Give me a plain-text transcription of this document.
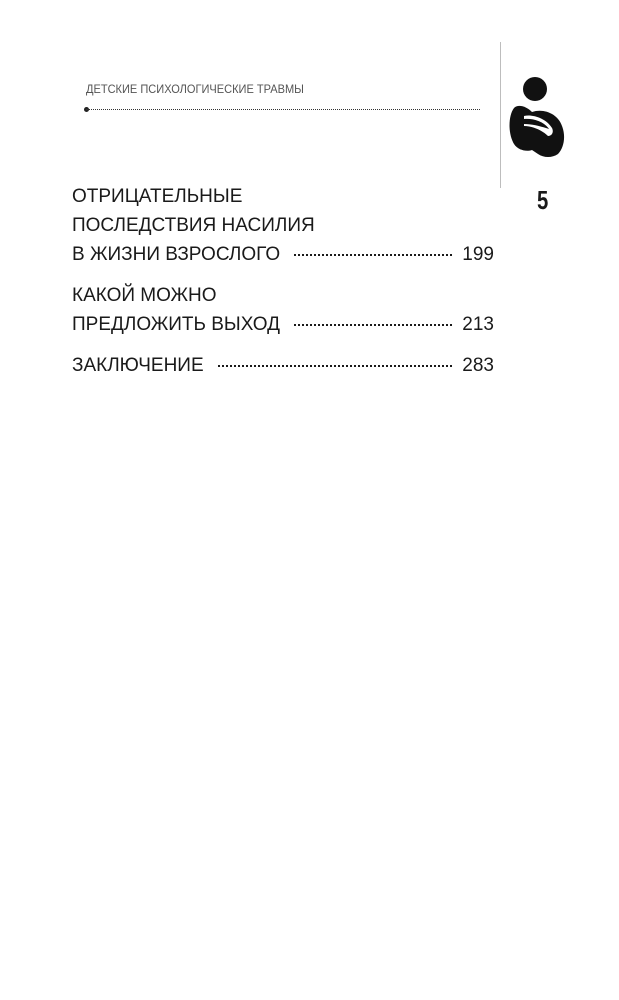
ДЕТСКИЕ ПСИХОЛОГИЧЕСКИЕ ТРАВМЫ
5
ОТРИЦАТЕЛЬНЫЕ
ПОСЛЕДСТВИЯ НАСИЛИЯ
В ЖИЗНИ ВЗРОСЛОГО	199
КАКОЙ МОЖНО
ПРЕДЛОЖИТЬ ВЫХОД	213
ЗАКЛЮЧЕНИЕ	283
